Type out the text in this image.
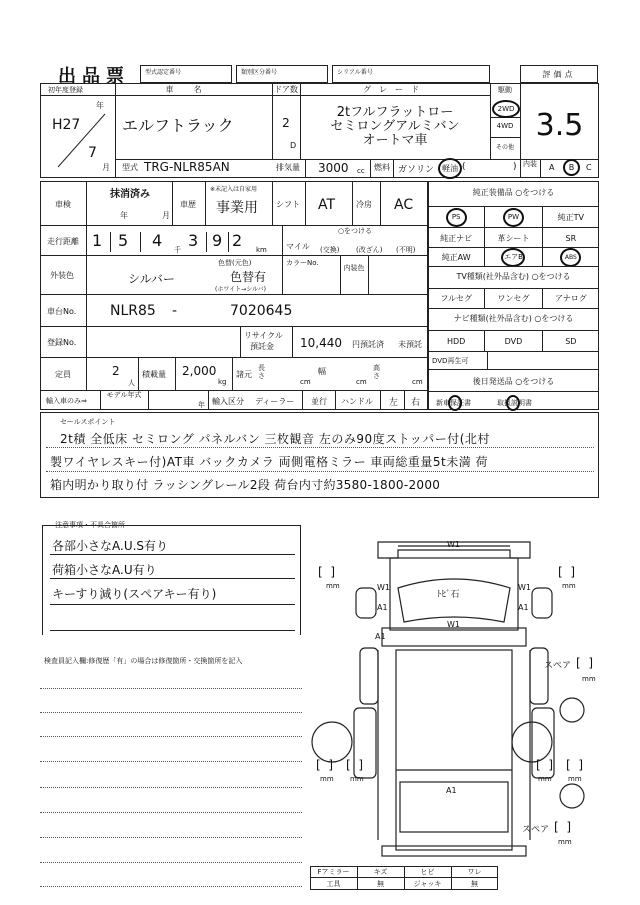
出品票	型式認定番号	類別区分番号	シリアル番号	評価点
初年度登録
年
H27
7
月
車名
エルフトラック
型式 TRG-NLR85AN
ドア数
2
D
グレード
2tフルフラットロー
セミロングアルミバン
オートマ車
排気量 3000 cc 燃料 ガソリン 軽油 (	)
駆動
2WD
4WD
その他
3.5
内装 A	B	C
車検
抹消済み
年	月
車歴
※未記入は自家用
事業用 シフト AT	冷房 AC
走行距離 1 5 4 千 3 9 2 km
○をつける
マイル (交換) (改ざん) (不明)
外装色	シルバー
色替(元色)
色替有
(ホワイト→シルバ)
カラーNo.
内装色
車台No. NLR85 -	7020645
登録No.
リサイクル
預託金 10,440 円預託済 未預託
定員	2
人
積載量 2,000
kg
諸元
長さ
cm
幅
cm
高さ
cm
輸入車のみ⇒
モデル年式
年 輸入区分 ディーラー 並行 ハンドル 左 右
純正装備品 ○をつける
PS	PW	純正TV
純正ナビ	革シート	SR
純正AW	エアB	ABS
TV種類(社外品含む) ○をつける
フルセグ	ワンセグ	アナログ
ナビ種類(社外品含む) ○をつける
HDD	DVD	SD
DVD再生可
後日発送品 ○をつける
新車保証書	取扱説明書
セールスポイント
2t積 全低床 セミロング パネルバン 三枚観音 左のみ90度ストッパー付(北村
製ワイヤレスキー付)AT車 バックカメラ 両側電格ミラー 車両総重量5t未満 荷
箱内明かり取り付 ラッシングレール2段 荷台内寸約3580-1800-2000
注意事項・不具合箇所
各部小さなA.U.S有り
荷箱小さなA.U有り
キーすり減り(スペアキー有り)
検査員記入欄:修復歴「有」の場合は修復箇所・交換箇所を記入
W1
W1	W1
A1	A1
ﾄﾋﾞ石
W1
A1
A1
[ ]
mm
[ ]
mm
スペア [ ]
mm
[ ]
mm
[ ]
mm
[ ]
mm
[ ]
mm
スペア [ ]
mm
Fアミラー	キズ	ヒビ	ワレ
工具	無	ジャッキ	無
